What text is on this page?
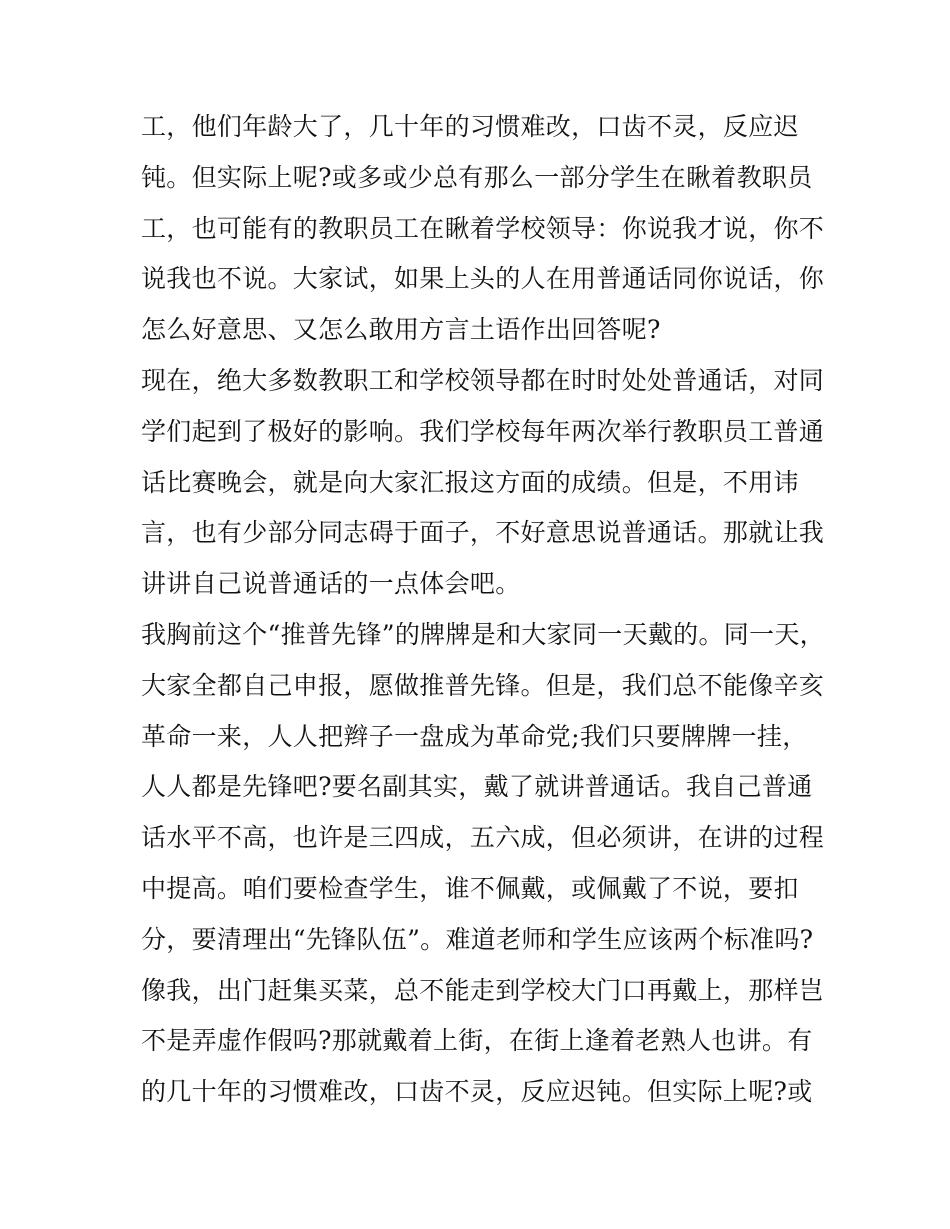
工，他们年龄大了，几十年的习惯难改，口齿不灵，反应迟
钝。但实际上呢?或多或少总有那么一部分学生在瞅着教职员
工，也可能有的教职员工在瞅着学校领导：你说我才说，你不
说我也不说。大家试，如果上头的人在用普通话同你说话，你
怎么好意思、又怎么敢用方言土语作出回答呢?
现在，绝大多数教职工和学校领导都在时时处处普通话，对同
学们起到了极好的影响。我们学校每年两次举行教职员工普通
话比赛晚会，就是向大家汇报这方面的成绩。但是，不用讳
言，也有少部分同志碍于面子，不好意思说普通话。那就让我
讲讲自己说普通话的一点体会吧。
我胸前这个“推普先锋”的牌牌是和大家同一天戴的。同一天，
大家全都自己申报，愿做推普先锋。但是，我们总不能像辛亥
革命一来，人人把辫子一盘成为革命党;我们只要牌牌一挂，
人人都是先锋吧?要名副其实，戴了就讲普通话。我自己普通
话水平不高，也许是三四成，五六成，但必须讲，在讲的过程
中提高。咱们要检查学生，谁不佩戴，或佩戴了不说，要扣
分，要清理出“先锋队伍”。难道老师和学生应该两个标准吗?
像我，出门赶集买菜，总不能走到学校大门口再戴上，那样岂
不是弄虚作假吗?那就戴着上街，在街上逢着老熟人也讲。有
的几十年的习惯难改，口齿不灵，反应迟钝。但实际上呢?或
